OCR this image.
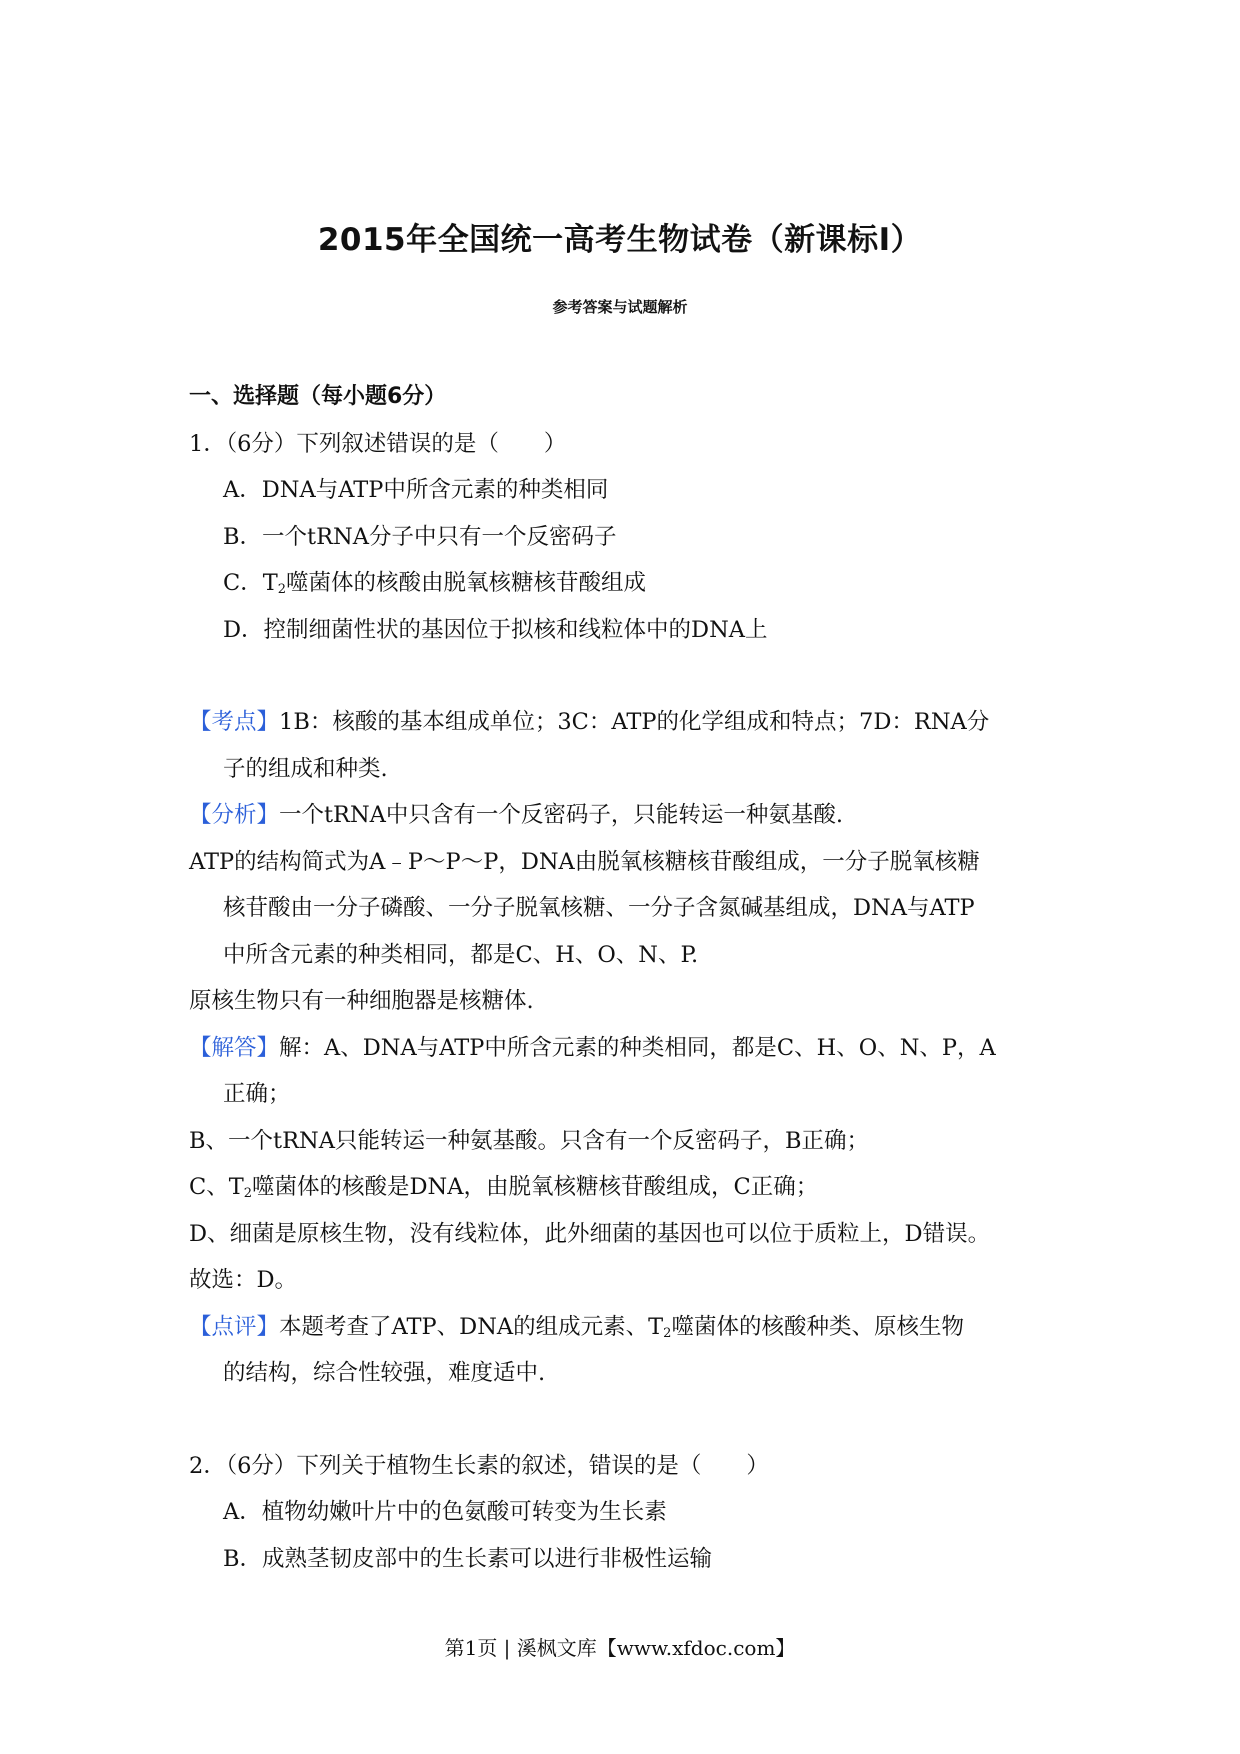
2015年全国统一高考生物试卷（新课标Ⅰ）
参考答案与试题解析
一、选择题（每小题6分）
1．（6分）下列叙述错误的是（　　）
A．DNA与ATP中所含元素的种类相同
B．一个tRNA分子中只有一个反密码子
C．$T_2$噬菌体的核酸由脱氧核糖核苷酸组成
D．控制细菌性状的基因位于拟核和线粒体中的DNA上
【考点】1B：核酸的基本组成单位；3C：ATP的化学组成和特点；7D：RNA分
子的组成和种类.
【分析】一个tRNA中只含有一个反密码子，只能转运一种氨基酸.
ATP的结构简式为A﹣P～P～P，DNA由脱氧核糖核苷酸组成，一分子脱氧核糖
核苷酸由一分子磷酸、一分子脱氧核糖、一分子含氮碱基组成，DNA与ATP
中所含元素的种类相同，都是C、H、O、N、P.
原核生物只有一种细胞器是核糖体.
【解答】解：A、DNA与ATP中所含元素的种类相同，都是C、H、O、N、P，A
正确；
B、一个tRNA只能转运一种氨基酸。只含有一个反密码子，B正确；
C、$T_2$噬菌体的核酸是DNA，由脱氧核糖核苷酸组成，C正确；
D、细菌是原核生物，没有线粒体，此外细菌的基因也可以位于质粒上，D错误。
故选：D。
【点评】本题考查了ATP、DNA的组成元素、$T_2$噬菌体的核酸种类、原核生物
的结构，综合性较强，难度适中.
2．（6分）下列关于植物生长素的叙述，错误的是（　　）
A．植物幼嫩叶片中的色氨酸可转变为生长素
B．成熟茎韧皮部中的生长素可以进行非极性运输
第1页 | 溪枫文库【www.xfdoc.com】
